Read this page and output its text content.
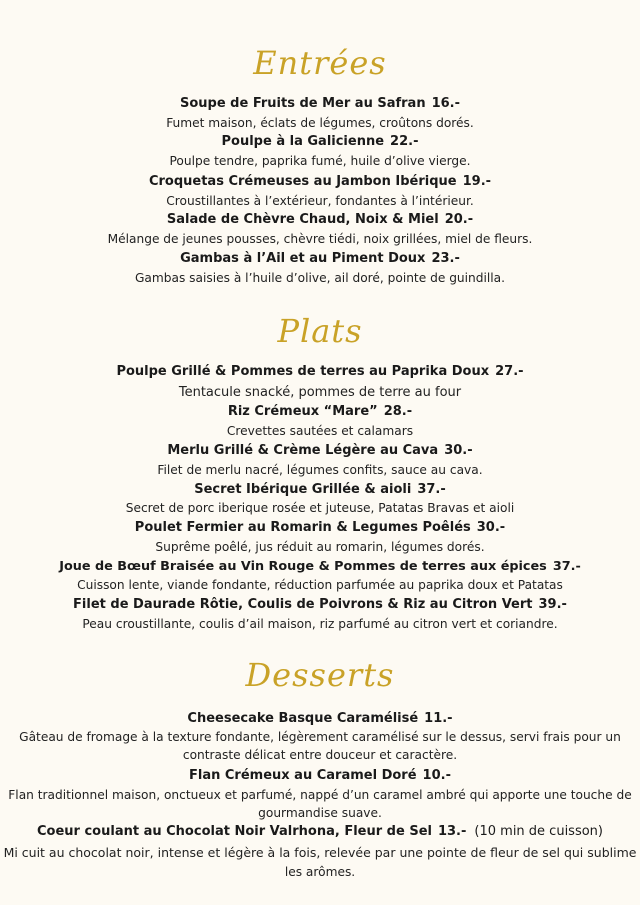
Entrées
Soupe de Fruits de Mer au Safran 16.-
Fumet maison, éclats de légumes, croûtons dorés.
Poulpe à la Galicienne 22.-
Poulpe tendre, paprika fumé, huile d’olive vierge.
Croquetas Crémeuses au Jambon Ibérique 19.-
Croustillantes à l’extérieur, fondantes à l’intérieur.
Salade de Chèvre Chaud, Noix & Miel 20.-
Mélange de jeunes pousses, chèvre tiédi, noix grillées, miel de fleurs.
Gambas à l’Ail et au Piment Doux 23.-
Gambas saisies à l’huile d’olive, ail doré, pointe de guindilla.
Plats
Poulpe Grillé & Pommes de terres au Paprika Doux 27.-
Tentacule snacké, pommes de terre au four
Riz Crémeux “Mare” 28.-
Crevettes sautées et calamars
Merlu Grillé & Crème Légère au Cava 30.-
Filet de merlu nacré, légumes confits, sauce au cava.
Secret Ibérique Grillée & aioli 37.-
Secret de porc iberique rosée et juteuse, Patatas Bravas et aioli
Poulet Fermier au Romarin & Legumes Poêlés 30.-
Suprême poêlé, jus réduit au romarin, légumes dorés.
Joue de Bœuf Braisée au Vin Rouge & Pommes de terres aux épices 37.-
Cuisson lente, viande fondante, réduction parfumée au paprika doux et Patatas
Filet de Daurade Rôtie, Coulis de Poivrons & Riz au Citron Vert 39.-
Peau croustillante, coulis d’ail maison, riz parfumé au citron vert et coriandre.
Desserts
Cheesecake Basque Caramélisé 11.-
Gâteau de fromage à la texture fondante, légèrement caramélisé sur le dessus, servi frais pour un
contraste délicat entre douceur et caractère.
Flan Crémeux au Caramel Doré 10.-
Flan traditionnel maison, onctueux et parfumé, nappé d’un caramel ambré qui apporte une touche de
gourmandise suave.
Coeur coulant au Chocolat Noir Valrhona, Fleur de Sel 13.- (10 min de cuisson)
Mi cuit au chocolat noir, intense et légère à la fois, relevée par une pointe de fleur de sel qui sublime
les arômes.
